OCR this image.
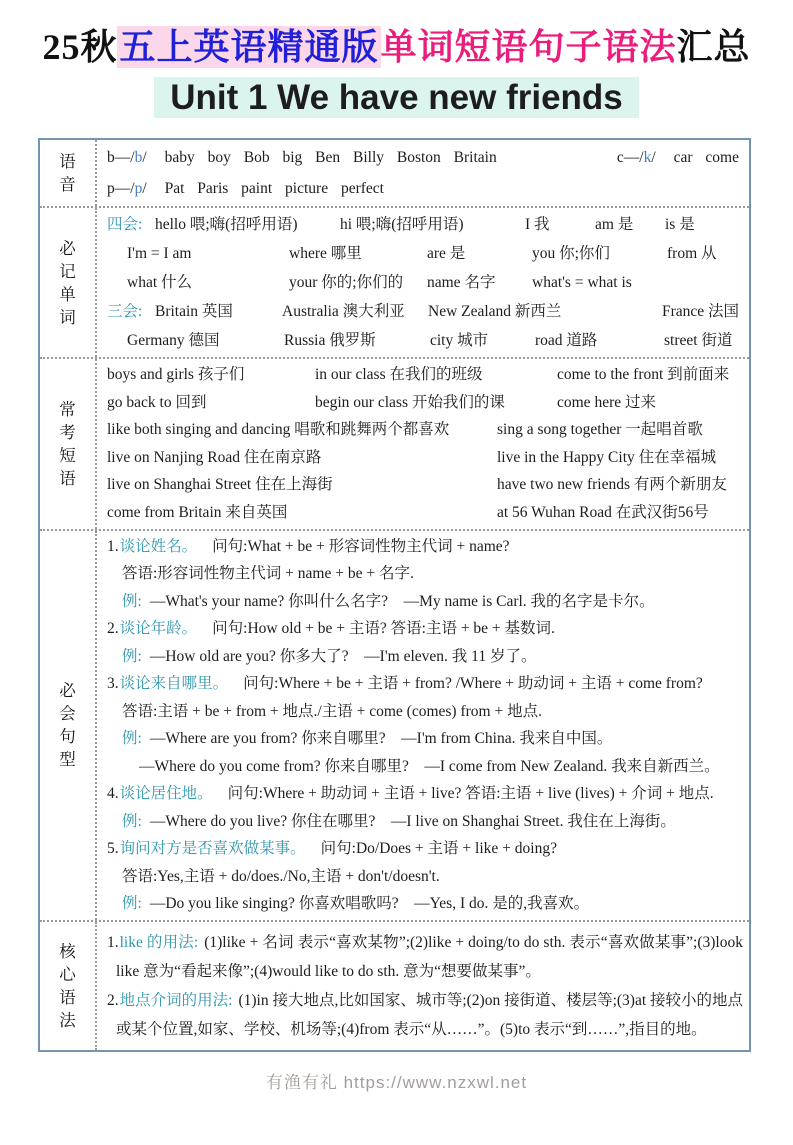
25秋五上英语精通版单词短语句子语法汇总
Unit 1 We have new friends
语音
b—/b/ baby boy Bob big Ben Billy Boston Britain	c—/k/ car come
p—/p/ Pat Paris paint picture perfect
必记单词
四会: hello 喂;嗨(招呼用语)	hi 喂;嗨(招呼用语)	I 我	am 是	is 是
I'm = I am	where 哪里	are 是	you 你;你们	from 从
what 什么	your 你的;你们的	name 名字	what's = what is
三会: Britain 英国	Australia 澳大利亚	New Zealand 新西兰	France 法国
Germany 德国	Russia 俄罗斯	city 城市	road 道路	street 街道
常考短语
boys and girls 孩子们	in our class 在我们的班级	come to the front 到前面来
go back to 回到	begin our class 开始我们的课	come here 过来
like both singing and dancing 唱歌和跳舞两个都喜欢	sing a song together 一起唱首歌
live on Nanjing Road 住在南京路	live in the Happy City 住在幸福城
live on Shanghai Street 住在上海街	have two new friends 有两个新朋友
come from Britain 来自英国	at 56 Wuhan Road 在武汉街56号
必会句型
1.谈论姓名。 问句:What + be + 形容词性物主代词 + name?
答语:形容词性物主代词 + name + be + 名字.
例: —What's your name? 你叫什么名字?　—My name is Carl. 我的名字是卡尔。
2.谈论年龄。 问句:How old + be + 主语? 答语:主语 + be + 基数词.
例: —How old are you? 你多大了?　—I'm eleven. 我 11 岁了。
3.谈论来自哪里。 问句:Where + be + 主语 + from? /Where + 助动词 + 主语 + come from?
答语:主语 + be + from + 地点./主语 + come (comes) from + 地点.
例: —Where are you from? 你来自哪里?　—I'm from China. 我来自中国。
—Where do you come from? 你来自哪里?　—I come from New Zealand. 我来自新西兰。
4.谈论居住地。 问句:Where + 助动词 + 主语 + live? 答语:主语 + live (lives) + 介词 + 地点.
例: —Where do you live? 你住在哪里?　—I live on Shanghai Street. 我住在上海街。
5.询问对方是否喜欢做某事。 问句:Do/Does + 主语 + like + doing?
答语:Yes,主语 + do/does./No,主语 + don't/doesn't.
例: —Do you like singing? 你喜欢唱歌吗?　—Yes, I do. 是的,我喜欢。
核心语法
1.like 的用法: (1)like + 名词 表示“喜欢某物”;(2)like + doing/to do sth. 表示“喜欢做某事”;(3)look like 意为“看起来像”;(4)would like to do sth. 意为“想要做某事”。
2.地点介词的用法: (1)in 接大地点,比如国家、城市等;(2)on 接街道、楼层等;(3)at 接较小的地点或某个位置,如家、学校、机场等;(4)from 表示“从……”。(5)to 表示“到……”,指目的地。
有渔有礼 https://www.nzxwl.net
